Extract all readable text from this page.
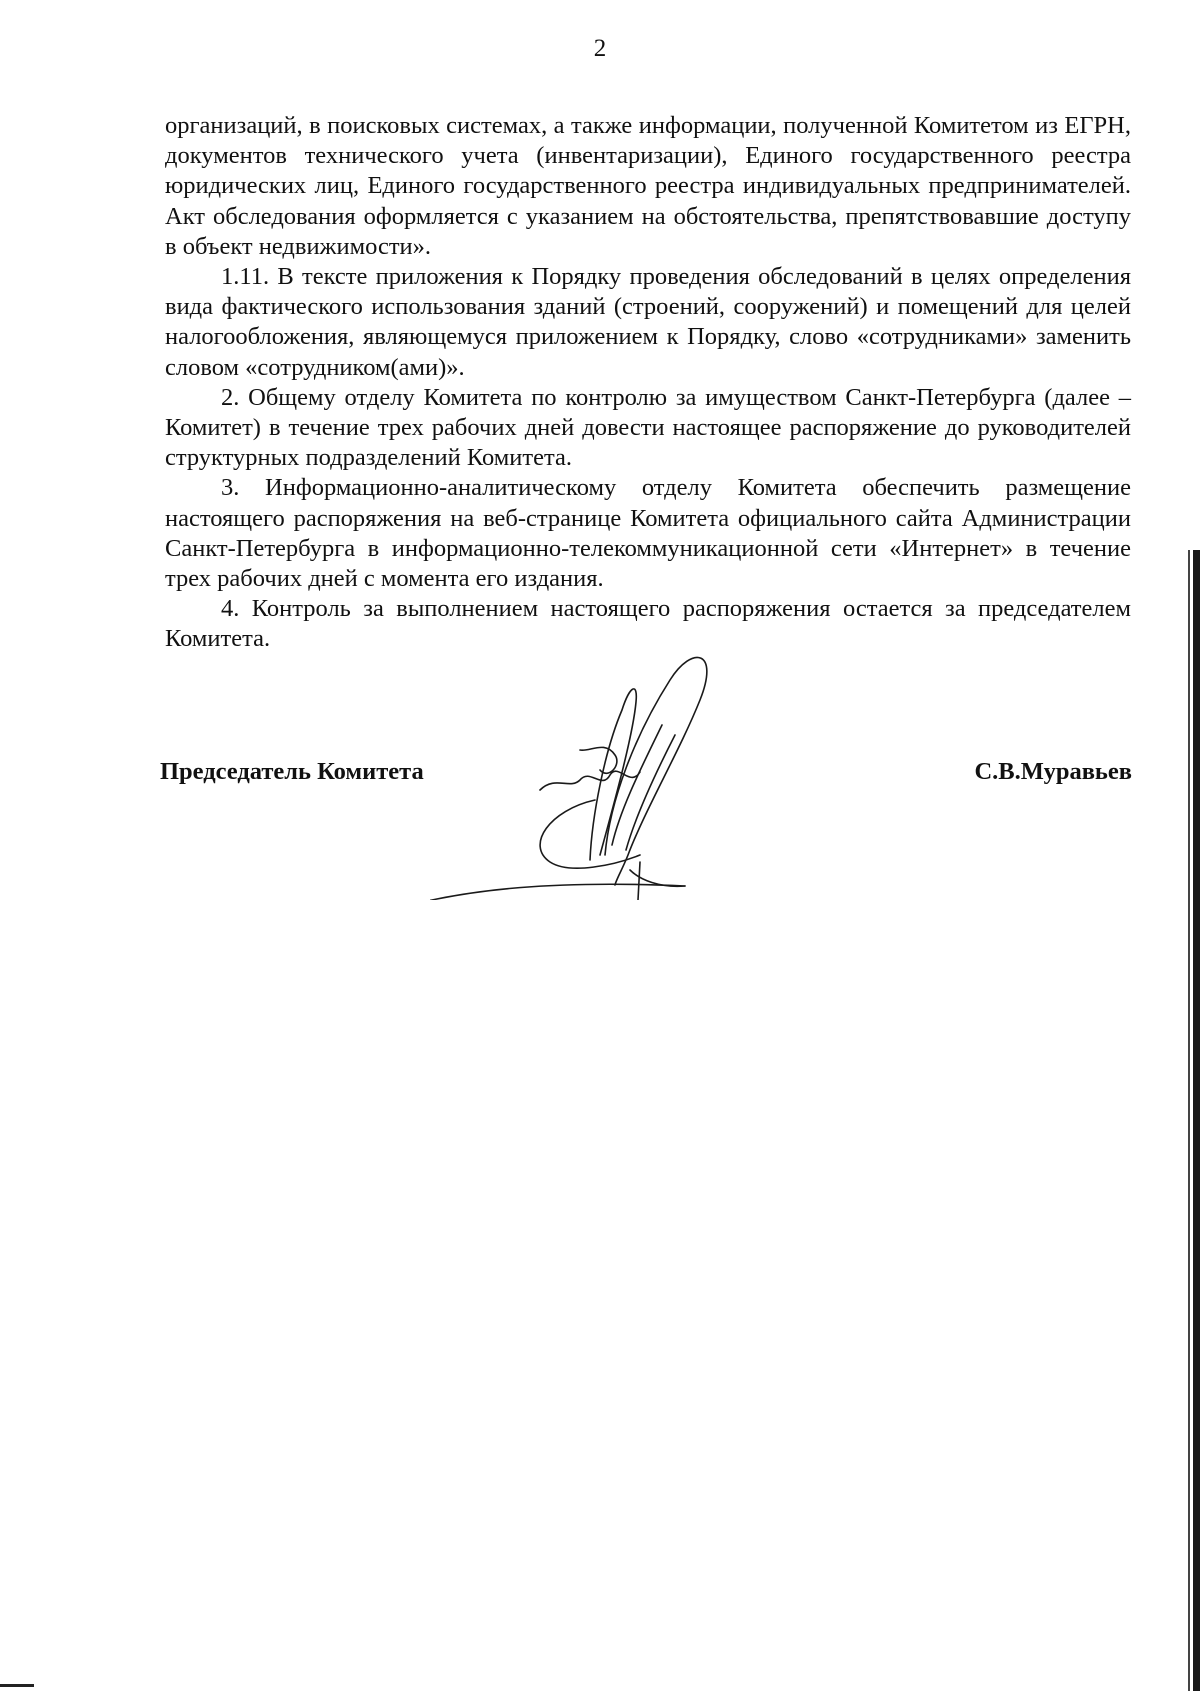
2

организаций, в поисковых системах, а также информации, полученной Комитетом из ЕГРН, документов технического учета (инвентаризации), Единого государственного реестра юридических лиц, Единого государственного реестра индивидуальных предпринимателей. Акт обследования оформляется с указанием на обстоятельства, препятствовавшие доступу в объект недвижимости».

1.11. В тексте приложения к Порядку проведения обследований в целях определения вида фактического использования зданий (строений, сооружений) и помещений для целей налогообложения, являющемуся приложением к Порядку, слово «сотрудниками» заменить словом «сотрудником(ами)».

2. Общему отделу Комитета по контролю за имуществом Санкт-Петербурга (далее – Комитет) в течение трех рабочих дней довести настоящее распоряжение до руководителей структурных подразделений Комитета.

3. Информационно-аналитическому отделу Комитета обеспечить размещение настоящего распоряжения на веб-странице Комитета официального сайта Администрации Санкт-Петербурга в информационно-телекоммуникационной сети «Интернет» в течение трех рабочих дней с момента его издания.

4. Контроль за выполнением настоящего распоряжения остается за председателем Комитета.

Председатель Комитета	С.В.Муравьев
